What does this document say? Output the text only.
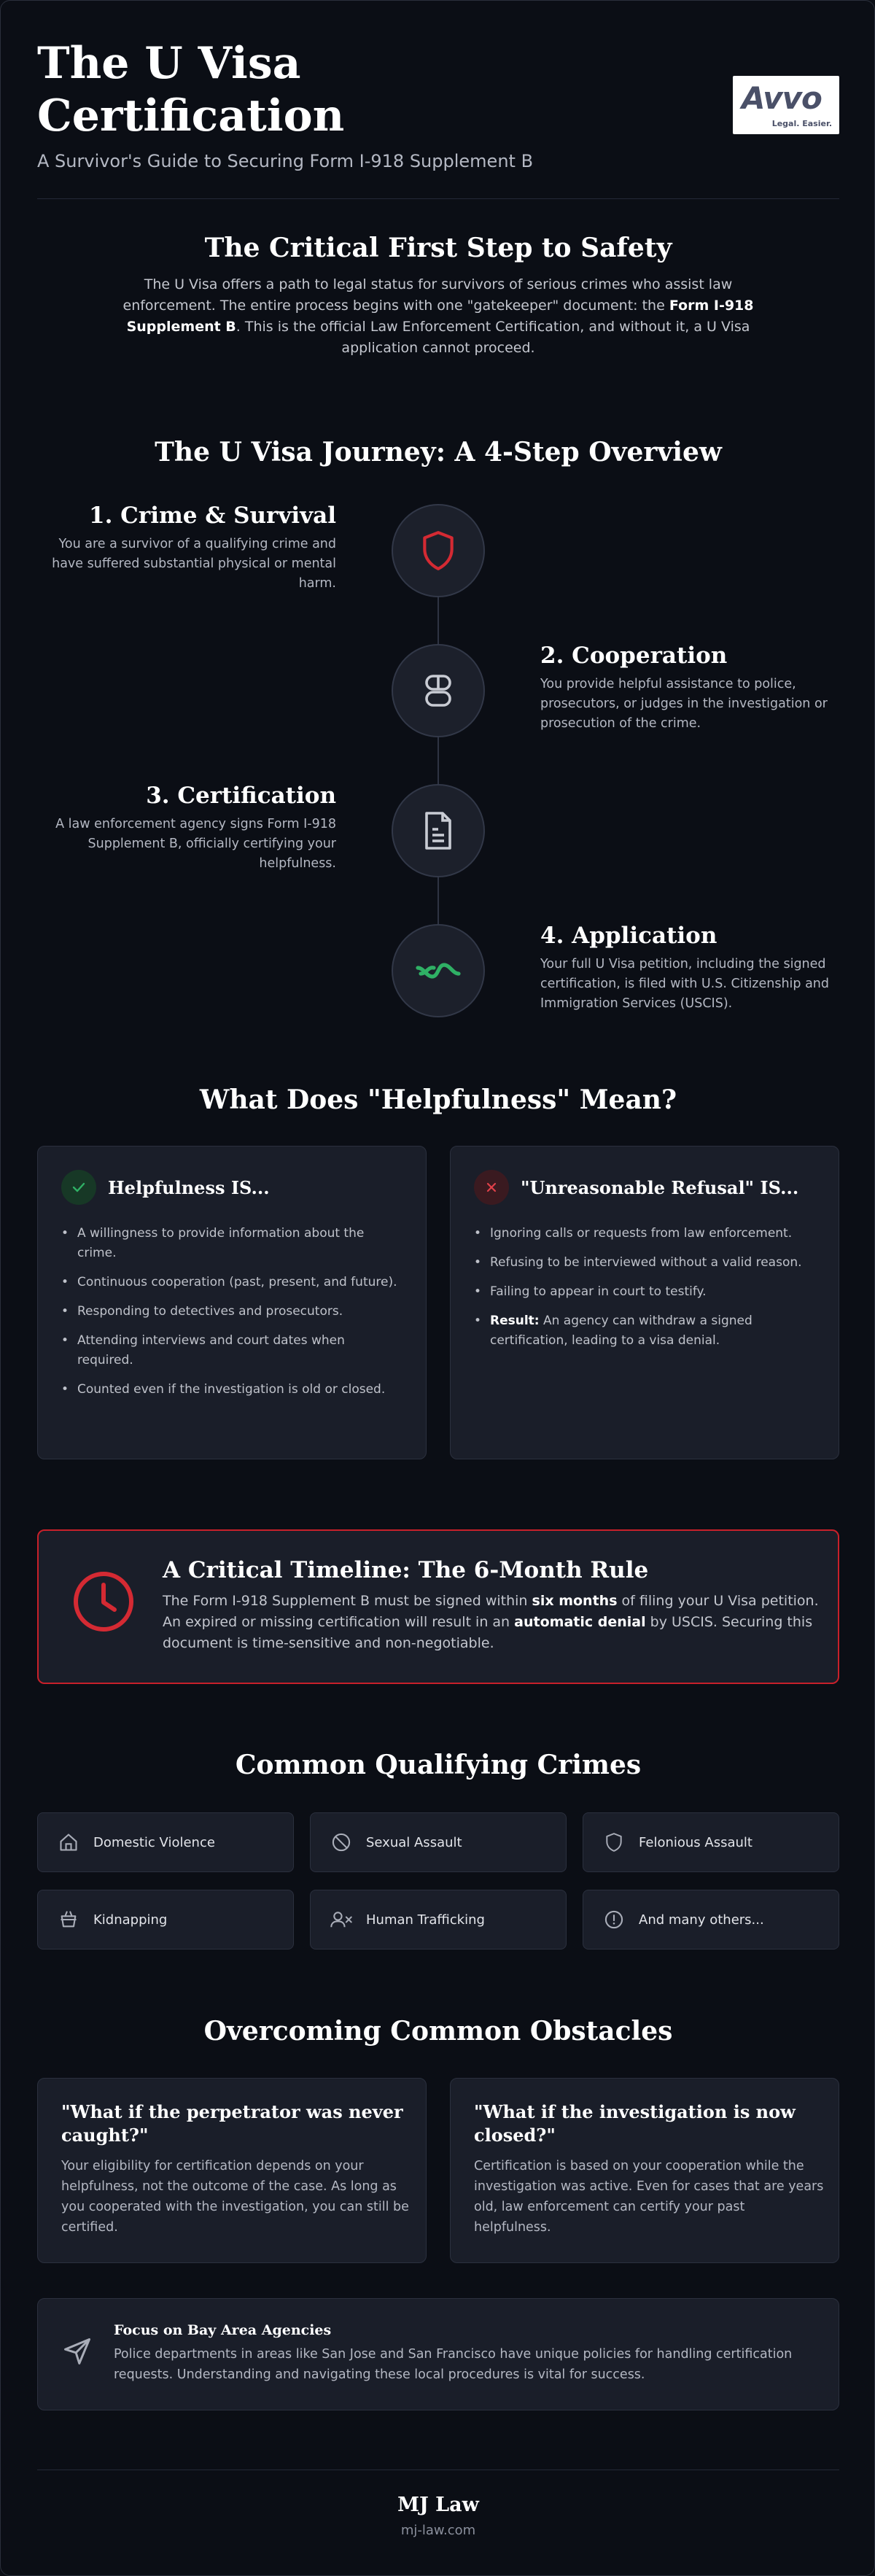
The U Visa Certification
A Survivor's Guide to Securing Form I-918 Supplement B
Avvo
Legal. Easier.
The Critical First Step to Safety
The U Visa offers a path to legal status for survivors of serious crimes who assist law enforcement. The entire process begins with one "gatekeeper" document: the Form I-918 Supplement B. This is the official Law Enforcement Certification, and without it, a U Visa application cannot proceed.
The U Visa Journey: A 4-Step Overview
1. Crime & Survival
You are a survivor of a qualifying crime and have suffered substantial physical or mental harm.
2. Cooperation
You provide helpful assistance to police, prosecutors, or judges in the investigation or prosecution of the crime.
3. Certification
A law enforcement agency signs Form I-918 Supplement B, officially certifying your helpfulness.
4. Application
Your full U Visa petition, including the signed certification, is filed with U.S. Citizenship and Immigration Services (USCIS).
What Does "Helpfulness" Mean?
Helpfulness IS...
• A willingness to provide information about the crime.
• Continuous cooperation (past, present, and future).
• Responding to detectives and prosecutors.
• Attending interviews and court dates when required.
• Counted even if the investigation is old or closed.
"Unreasonable Refusal" IS...
• Ignoring calls or requests from law enforcement.
• Refusing to be interviewed without a valid reason.
• Failing to appear in court to testify.
• Result: An agency can withdraw a signed certification, leading to a visa denial.
A Critical Timeline: The 6-Month Rule
The Form I-918 Supplement B must be signed within six months of filing your U Visa petition. An expired or missing certification will result in an automatic denial by USCIS. Securing this document is time-sensitive and non-negotiable.
Common Qualifying Crimes
Domestic Violence	Sexual Assault	Felonious Assault
Kidnapping	Human Trafficking	And many others...
Overcoming Common Obstacles
"What if the perpetrator was never caught?"
Your eligibility for certification depends on your helpfulness, not the outcome of the case. As long as you cooperated with the investigation, you can still be certified.
"What if the investigation is now closed?"
Certification is based on your cooperation while the investigation was active. Even for cases that are years old, law enforcement can certify your past helpfulness.
Focus on Bay Area Agencies
Police departments in areas like San Jose and San Francisco have unique policies for handling certification requests. Understanding and navigating these local procedures is vital for success.
MJ Law
mj-law.com
